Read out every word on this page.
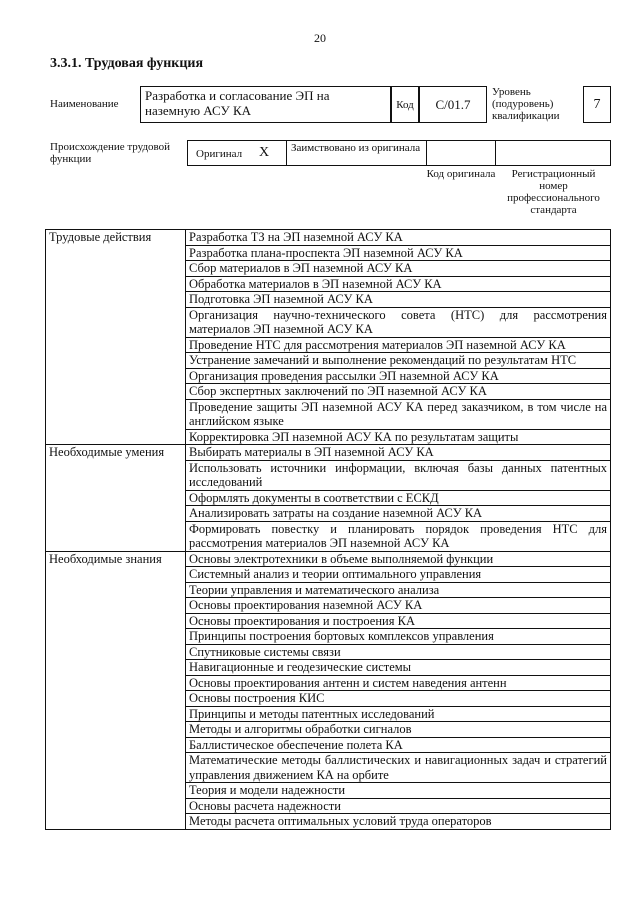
20
3.3.1. Трудовая функция
Наименование
Разработка и согласование ЭП на наземную АСУ КА	Код	С/01.7
Уровень (подуровень) квалификации
7
Происхождение трудовой функции	Оригинал X Заимствовано из оригинала
Код оригинала	Регистрационный номер профессионального стандарта
Трудовые действия	Разработка ТЗ на ЭП наземной АСУ КА
	Разработка плана-проспекта ЭП наземной АСУ КА
	Сбор материалов в ЭП наземной АСУ КА
	Обработка материалов в ЭП наземной АСУ КА
	Подготовка ЭП наземной АСУ КА
	Организация научно-технического совета (НТС) для рассмотрения материалов ЭП наземной АСУ КА
	Проведение НТС для рассмотрения материалов ЭП наземной АСУ КА
	Устранение замечаний и выполнение рекомендаций по результатам НТС
	Организация проведения рассылки ЭП наземной АСУ КА
	Сбор экспертных заключений по ЭП наземной АСУ КА
	Проведение защиты ЭП наземной АСУ КА перед заказчиком, в том числе на английском языке
	Корректировка ЭП наземной АСУ КА по результатам защиты
Необходимые умения	Выбирать материалы в ЭП наземной АСУ КА
	Использовать источники информации, включая базы данных патентных исследований
	Оформлять документы в соответствии с ЕСКД
	Анализировать затраты на создание наземной АСУ КА
	Формировать повестку и планировать порядок проведения НТС для рассмотрения материалов ЭП наземной АСУ КА
Необходимые знания	Основы электротехники в объеме выполняемой функции
	Системный анализ и теории оптимального управления
	Теории управления и математического анализа
	Основы проектирования наземной АСУ КА
	Основы проектирования и построения КА
	Принципы построения бортовых комплексов управления
	Спутниковые системы связи
	Навигационные и геодезические системы
	Основы проектирования антенн и систем наведения антенн
	Основы построения КИС
	Принципы и методы патентных исследований
	Методы и алгоритмы обработки сигналов
	Баллистическое обеспечение полета КА
	Математические методы баллистических и навигационных задач и стратегий управления движением КА на орбите
	Теория и модели надежности
	Основы расчета надежности
	Методы расчета оптимальных условий труда операторов
